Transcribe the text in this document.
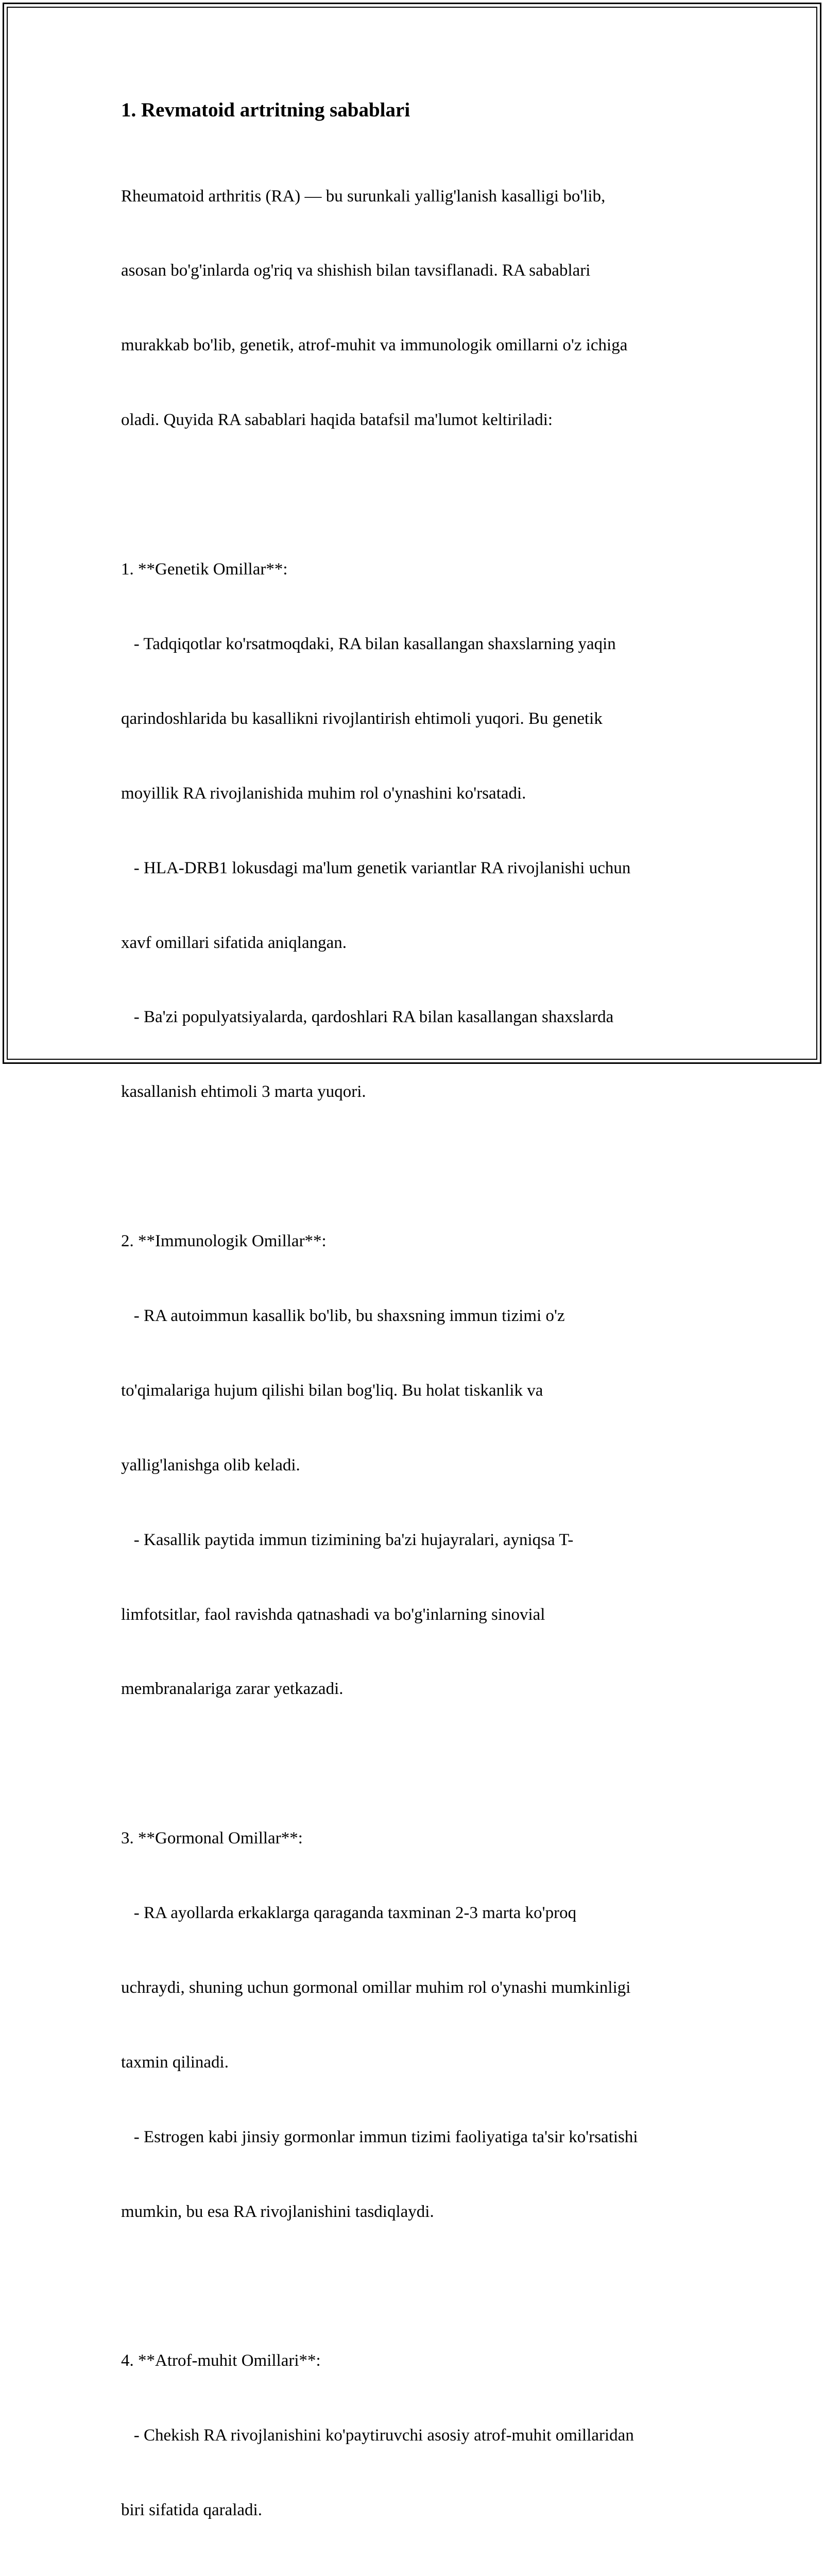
1. Revmatoid artritning sabablari

Rheumatoid arthritis (RA) — bu surunkali yallig'lanish kasalligi bo'lib,

asosan bo'g'inlarda og'riq va shishish bilan tavsiflanadi. RA sabablari

murakkab bo'lib, genetik, atrof-muhit va immunologik omillarni o'z ichiga

oladi. Quyida RA sabablari haqida batafsil ma'lumot keltiriladi:

1. **Genetik Omillar**:

- Tadqiqotlar ko'rsatmoqdaki, RA bilan kasallangan shaxslarning yaqin

qarindoshlarida bu kasallikni rivojlantirish ehtimoli yuqori. Bu genetik

moyillik RA rivojlanishida muhim rol o'ynashini ko'rsatadi.

- HLA-DRB1 lokusdagi ma'lum genetik variantlar RA rivojlanishi uchun

xavf omillari sifatida aniqlangan.

- Ba'zi populyatsiyalarda, qardoshlari RA bilan kasallangan shaxslarda

kasallanish ehtimoli 3 marta yuqori.

2. **Immunologik Omillar**:

- RA autoimmun kasallik bo'lib, bu shaxsning immun tizimi o'z

to'qimalariga hujum qilishi bilan bog'liq. Bu holat tiskanlik va

yallig'lanishga olib keladi.

- Kasallik paytida immun tizimining ba'zi hujayralari, ayniqsa T-

limfotsitlar, faol ravishda qatnashadi va bo'g'inlarning sinovial

membranalariga zarar yetkazadi.

3. **Gormonal Omillar**:

- RA ayollarda erkaklarga qaraganda taxminan 2-3 marta ko'proq

uchraydi, shuning uchun gormonal omillar muhim rol o'ynashi mumkinligi

taxmin qilinadi.

- Estrogen kabi jinsiy gormonlar immun tizimi faoliyatiga ta'sir ko'rsatishi

mumkin, bu esa RA rivojlanishini tasdiqlaydi.

4. **Atrof-muhit Omillari**:

- Chekish RA rivojlanishini ko'paytiruvchi asosiy atrof-muhit omillaridan

biri sifatida qaraladi.
